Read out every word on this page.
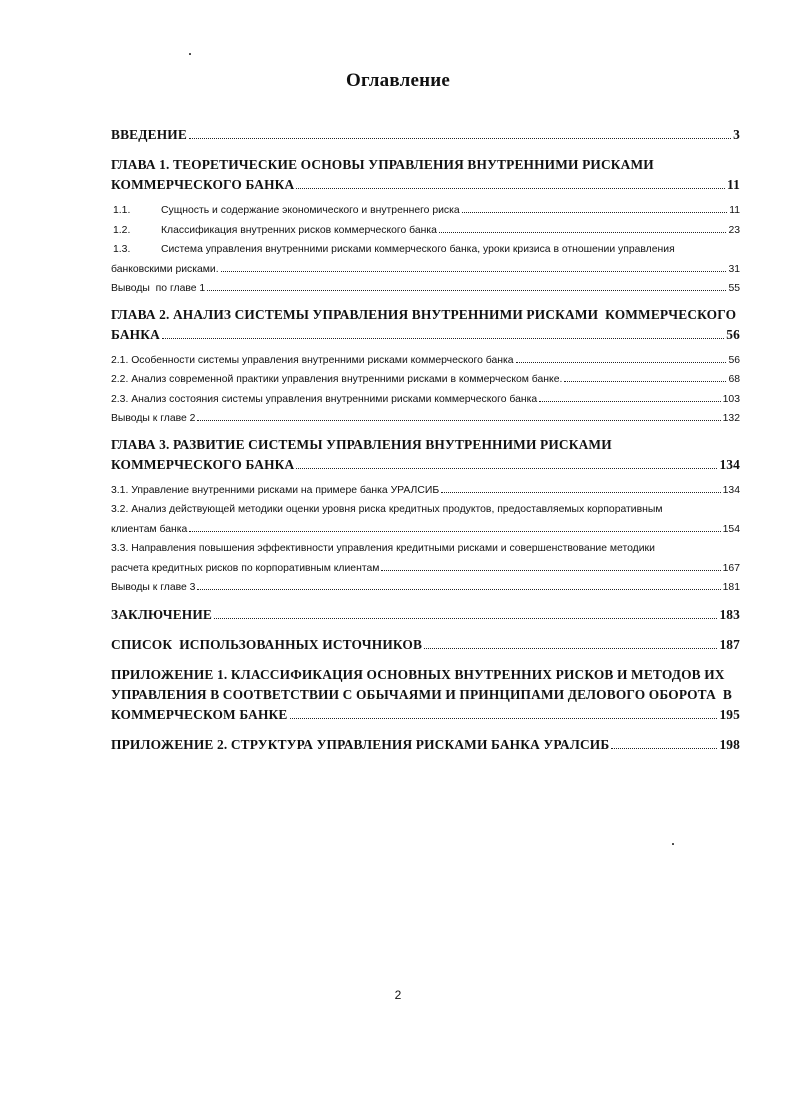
Оглавление
ВВЕДЕНИЕ	3
ГЛАВА 1. ТЕОРЕТИЧЕСКИЕ ОСНОВЫ УПРАВЛЕНИЯ ВНУТРЕННИМИ РИСКАМИ
КОММЕРЧЕСКОГО БАНКА	11
1.1.	Сущность и содержание экономического и внутреннего риска	11
1.2.	Классификация внутренних рисков коммерческого банка	23
1.3.	Система управления внутренними рисками коммерческого банка, уроки кризиса в отношении управления
банковскими рисками.	31
Выводы  по главе 1	55
ГЛАВА 2. АНАЛИЗ СИСТЕМЫ УПРАВЛЕНИЯ ВНУТРЕННИМИ РИСКАМИ  КОММЕРЧЕСКОГО
БАНКА	56
2.1. Особенности системы управления внутренними рисками коммерческого банка	56
2.2. Анализ современной практики управления внутренними рисками в коммерческом банке.	68
2.3. Анализ состояния системы управления внутренними рисками коммерческого банка	103
Выводы к главе 2	132
ГЛАВА 3. РАЗВИТИЕ СИСТЕМЫ УПРАВЛЕНИЯ ВНУТРЕННИМИ РИСКАМИ
КОММЕРЧЕСКОГО БАНКА	134
3.1. Управление внутренними рисками на примере банка УРАЛСИБ	134
3.2. Анализ действующей методики оценки уровня риска кредитных продуктов, предоставляемых корпоративным
клиентам банка	154
3.3. Направления повышения эффективности управления кредитными рисками и совершенствование методики
расчета кредитных рисков по корпоративным клиентам	167
Выводы к главе 3	181
ЗАКЛЮЧЕНИЕ	183
СПИСОК  ИСПОЛЬЗОВАННЫХ ИСТОЧНИКОВ	187
ПРИЛОЖЕНИЕ 1. КЛАССИФИКАЦИЯ ОСНОВНЫХ ВНУТРЕННИХ РИСКОВ И МЕТОДОВ ИХ
УПРАВЛЕНИЯ В СООТВЕТСТВИИ С ОБЫЧАЯМИ И ПРИНЦИПАМИ ДЕЛОВОГО ОБОРОТА  В
КОММЕРЧЕСКОМ БАНКЕ	195
ПРИЛОЖЕНИЕ 2. СТРУКТУРА УПРАВЛЕНИЯ РИСКАМИ БАНКА УРАЛСИБ	198
2
